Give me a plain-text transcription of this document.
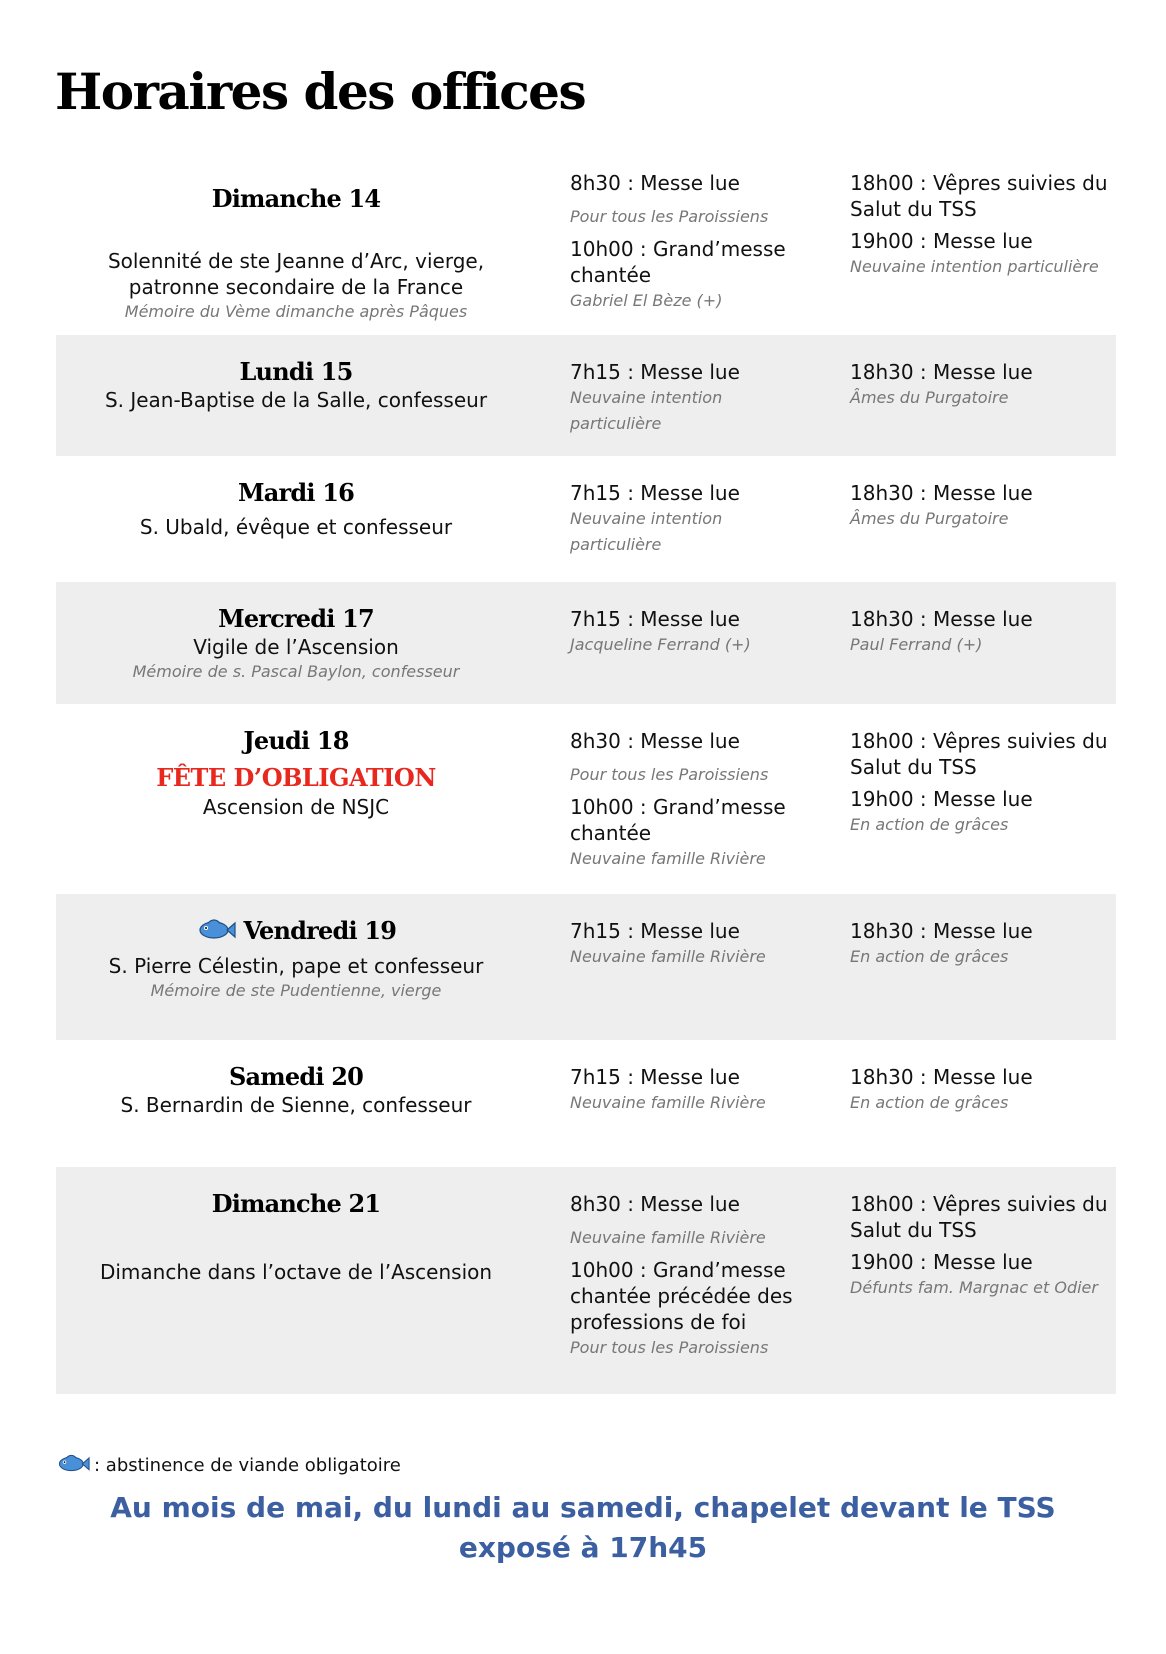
Horaires des offices
Dimanche 14
Solennité de ste Jeanne d’Arc, vierge, patronne secondaire de la France
Mémoire du Vème dimanche après Pâques
8h30 : Messe lue
Pour tous les Paroissiens
10h00 : Grand’messe chantée
Gabriel El Bèze (+)
18h00 : Vêpres suivies du Salut du TSS
19h00 : Messe lue
Neuvaine intention particulière
Lundi 15
S. Jean-Baptise de la Salle, confesseur
7h15 : Messe lue
Neuvaine intention particulière
18h30 : Messe lue
Âmes du Purgatoire
Mardi 16
S. Ubald, évêque et confesseur
7h15 : Messe lue
Neuvaine intention particulière
18h30 : Messe lue
Âmes du Purgatoire
Mercredi 17
Vigile de l’Ascension
Mémoire de s. Pascal Baylon, confesseur
7h15 : Messe lue
Jacqueline Ferrand (+)
18h30 : Messe lue
Paul Ferrand (+)
Jeudi 18
FÊTE D’OBLIGATION
Ascension de NSJC
8h30 : Messe lue
Pour tous les Paroissiens
10h00 : Grand’messe chantée
Neuvaine famille Rivière
18h00 : Vêpres suivies du Salut du TSS
19h00 : Messe lue
En action de grâces
Vendredi 19
S. Pierre Célestin, pape et confesseur
Mémoire de ste Pudentienne, vierge
7h15 : Messe lue
Neuvaine famille Rivière
18h30 : Messe lue
En action de grâces
Samedi 20
S. Bernardin de Sienne, confesseur
7h15 : Messe lue
Neuvaine famille Rivière
18h30 : Messe lue
En action de grâces
Dimanche 21
Dimanche dans l’octave de l’Ascension
8h30 : Messe lue
Neuvaine famille Rivière
10h00 : Grand’messe chantée précédée des professions de foi
Pour tous les Paroissiens
18h00 : Vêpres suivies du Salut du TSS
19h00 : Messe lue
Défunts fam. Margnac et Odier
: abstinence de viande obligatoire
Au mois de mai, du lundi au samedi, chapelet devant le TSS exposé à 17h45
